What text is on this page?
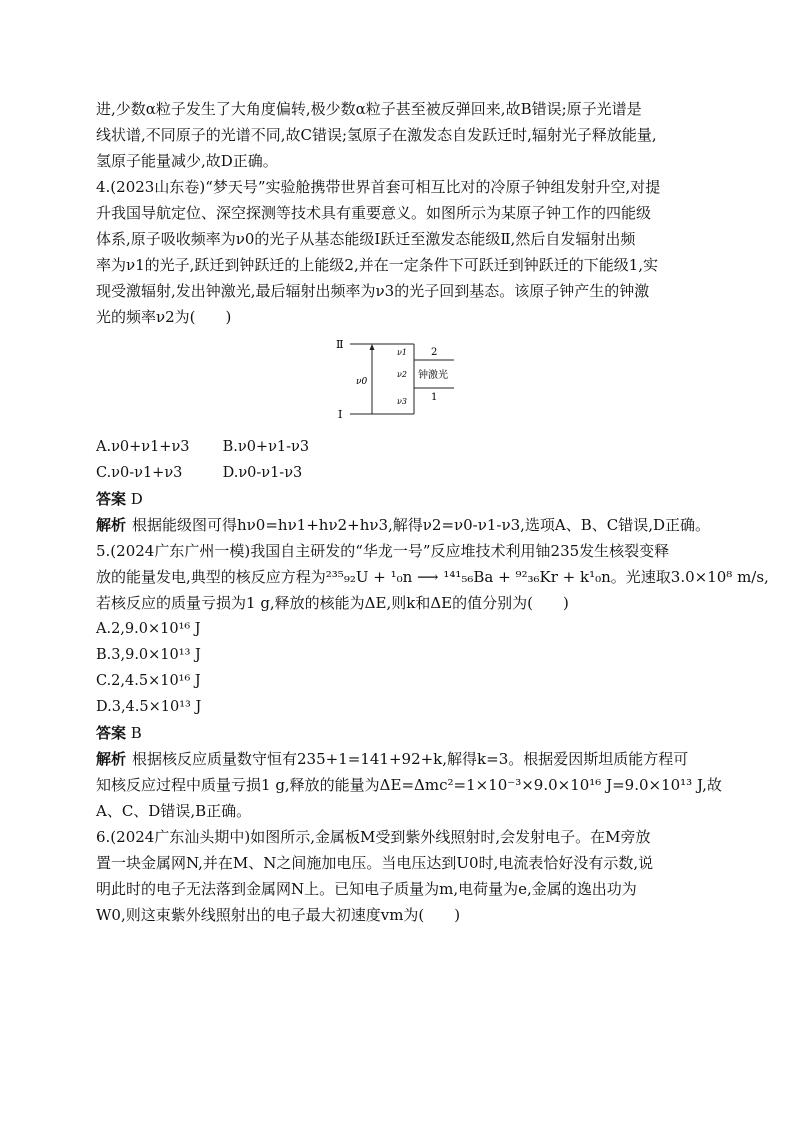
进,少数α粒子发生了大角度偏转,极少数α粒子甚至被反弹回来,故B错误;原子光谱是
线状谱,不同原子的光谱不同,故C错误;氢原子在激发态自发跃迁时,辐射光子释放能量,
氢原子能量减少,故D正确。
4.(2023山东卷)“梦天号”实验舱携带世界首套可相互比对的冷原子钟组发射升空,对提
升我国导航定位、深空探测等技术具有重要意义。如图所示为某原子钟工作的四能级
体系,原子吸收频率为ν0的光子从基态能级Ⅰ跃迁至激发态能级Ⅱ,然后自发辐射出频
率为ν1的光子,跃迁到钟跃迁的上能级2,并在一定条件下可跃迁到钟跃迁的下能级1,实
现受激辐射,发出钟激光,最后辐射出频率为ν3的光子回到基态。该原子钟产生的钟激
光的频率ν2为(　　)
Ⅱ
Ⅰ
ν0
ν1
ν2
ν3
2
1
钟激光
A.ν0+ν1+ν3 B.ν0+ν1-ν3
C.ν0-ν1+ν3	D.ν0-ν1-ν3
答案 D
解析 根据能级图可得hν0=hν1+hν2+hν3,解得ν2=ν0-ν1-ν3,选项A、B、C错误,D正确。
5.(2024广东广州一模)我国自主研发的“华龙一号”反应堆技术利用铀235发生核裂变释
放的能量发电,典型的核反应方程为²³⁵₉₂U + ¹₀n ⟶ ¹⁴¹₅₆Ba + ⁹²₃₆Kr + k¹₀n。光速取3.0×10⁸ m/s,
若核反应的质量亏损为1 g,释放的核能为ΔE,则k和ΔE的值分别为(　　)
A.2,9.0×10¹⁶ J
B.3,9.0×10¹³ J
C.2,4.5×10¹⁶ J
D.3,4.5×10¹³ J
答案 B
解析 根据核反应质量数守恒有235+1=141+92+k,解得k=3。根据爱因斯坦质能方程可
知核反应过程中质量亏损1 g,释放的能量为ΔE=Δmc²=1×10⁻³×9.0×10¹⁶ J=9.0×10¹³ J,故
A、C、D错误,B正确。
6.(2024广东汕头期中)如图所示,金属板M受到紫外线照射时,会发射电子。在M旁放
置一块金属网N,并在M、N之间施加电压。当电压达到U0时,电流表恰好没有示数,说
明此时的电子无法落到金属网N上。已知电子质量为m,电荷量为e,金属的逸出功为
W0,则这束紫外线照射出的电子最大初速度vm为(　　)
